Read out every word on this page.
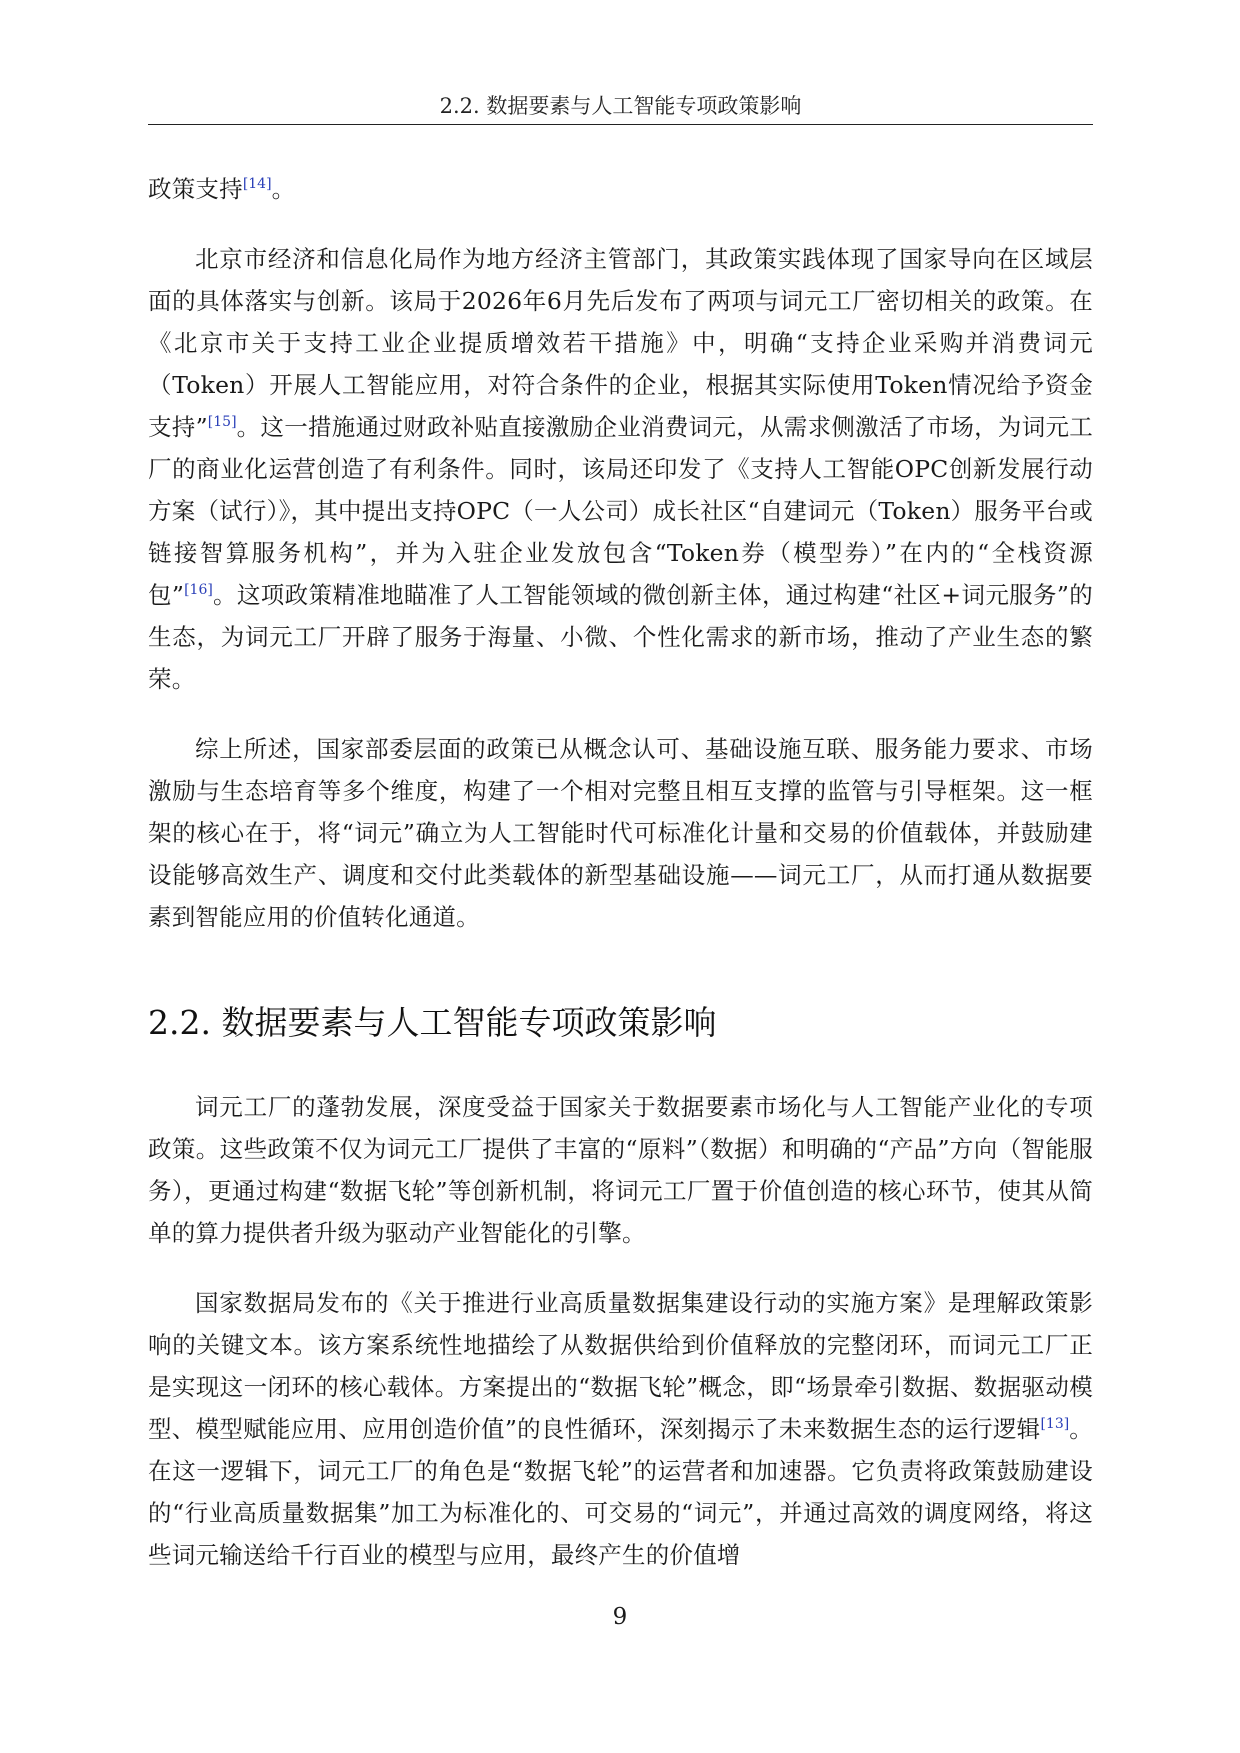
2.2. 数据要素与人工智能专项政策影响

政策支持[14]。

北京市经济和信息化局作为地方经济主管部门，其政策实践体现了国家导向在区域层面的具体落实与创新。该局于2026年6月先后发布了两项与词元工厂密切相关的政策。在《北京市关于支持工业企业提质增效若干措施》中，明确“支持企业采购并消费词元（Token）开展人工智能应用，对符合条件的企业，根据其实际使用Token情况给予资金支持”[15]。这一措施通过财政补贴直接激励企业消费词元，从需求侧激活了市场，为词元工厂的商业化运营创造了有利条件。同时，该局还印发了《支持人工智能OPC创新发展行动方案（试行）》，其中提出支持OPC（一人公司）成长社区“自建词元（Token）服务平台或链接智算服务机构”，并为入驻企业发放包含“Token券（模型券）”在内的“全栈资源包”[16]。这项政策精准地瞄准了人工智能领域的微创新主体，通过构建“社区+词元服务”的生态，为词元工厂开辟了服务于海量、小微、个性化需求的新市场，推动了产业生态的繁荣。

综上所述，国家部委层面的政策已从概念认可、基础设施互联、服务能力要求、市场激励与生态培育等多个维度，构建了一个相对完整且相互支撑的监管与引导框架。这一框架的核心在于，将“词元”确立为人工智能时代可标准化计量和交易的价值载体，并鼓励建设能够高效生产、调度和交付此类载体的新型基础设施——词元工厂，从而打通从数据要素到智能应用的价值转化通道。

2.2. 数据要素与人工智能专项政策影响

词元工厂的蓬勃发展，深度受益于国家关于数据要素市场化与人工智能产业化的专项政策。这些政策不仅为词元工厂提供了丰富的“原料”（数据）和明确的“产品”方向（智能服务），更通过构建“数据飞轮”等创新机制，将词元工厂置于价值创造的核心环节，使其从简单的算力提供者升级为驱动产业智能化的引擎。

国家数据局发布的《关于推进行业高质量数据集建设行动的实施方案》是理解政策影响的关键文本。该方案系统性地描绘了从数据供给到价值释放的完整闭环，而词元工厂正是实现这一闭环的核心载体。方案提出的“数据飞轮”概念，即“场景牵引数据、数据驱动模型、模型赋能应用、应用创造价值”的良性循环，深刻揭示了未来数据生态的运行逻辑[13]。在这一逻辑下，词元工厂的角色是“数据飞轮”的运营者和加速器。它负责将政策鼓励建设的“行业高质量数据集”加工为标准化的、可交易的“词元”，并通过高效的调度网络，将这些词元输送给千行百业的模型与应用，最终产生的价值增

9
